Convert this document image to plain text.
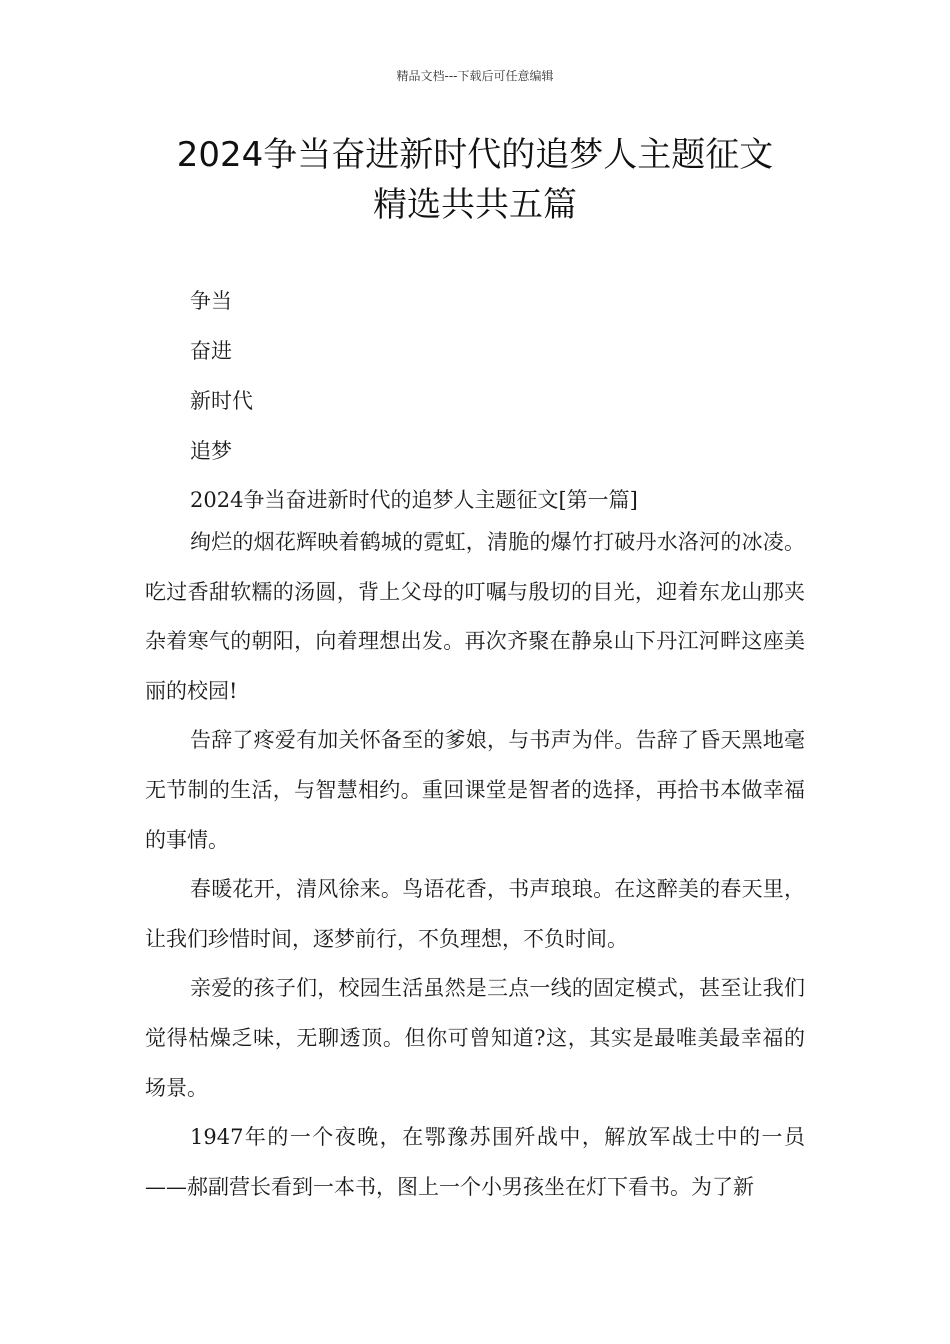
精品文档---下载后可任意编辑
2024争当奋进新时代的追梦人主题征文
精选共共五篇
争当
奋进
新时代
追梦
2024争当奋进新时代的追梦人主题征文[第一篇]

绚烂的烟花辉映着鹤城的霓虹，清脆的爆竹打破丹水洛河的冰凌。吃过香甜软糯的汤圆，背上父母的叮嘱与殷切的目光，迎着东龙山那夹杂着寒气的朝阳，向着理想出发。再次齐聚在静泉山下丹江河畔这座美丽的校园!

告辞了疼爱有加关怀备至的爹娘，与书声为伴。告辞了昏天黑地毫无节制的生活，与智慧相约。重回课堂是智者的选择，再拾书本做幸福的事情。

春暖花开，清风徐来。鸟语花香，书声琅琅。在这醉美的春天里，让我们珍惜时间，逐梦前行，不负理想，不负时间。

亲爱的孩子们，校园生活虽然是三点一线的固定模式，甚至让我们觉得枯燥乏味，无聊透顶。但你可曾知道?这，其实是最唯美最幸福的场景。

1947年的一个夜晚，在鄂豫苏围歼战中，解放军战士中的一员——郝副营长看到一本书，图上一个小男孩坐在灯下看书。为了新
